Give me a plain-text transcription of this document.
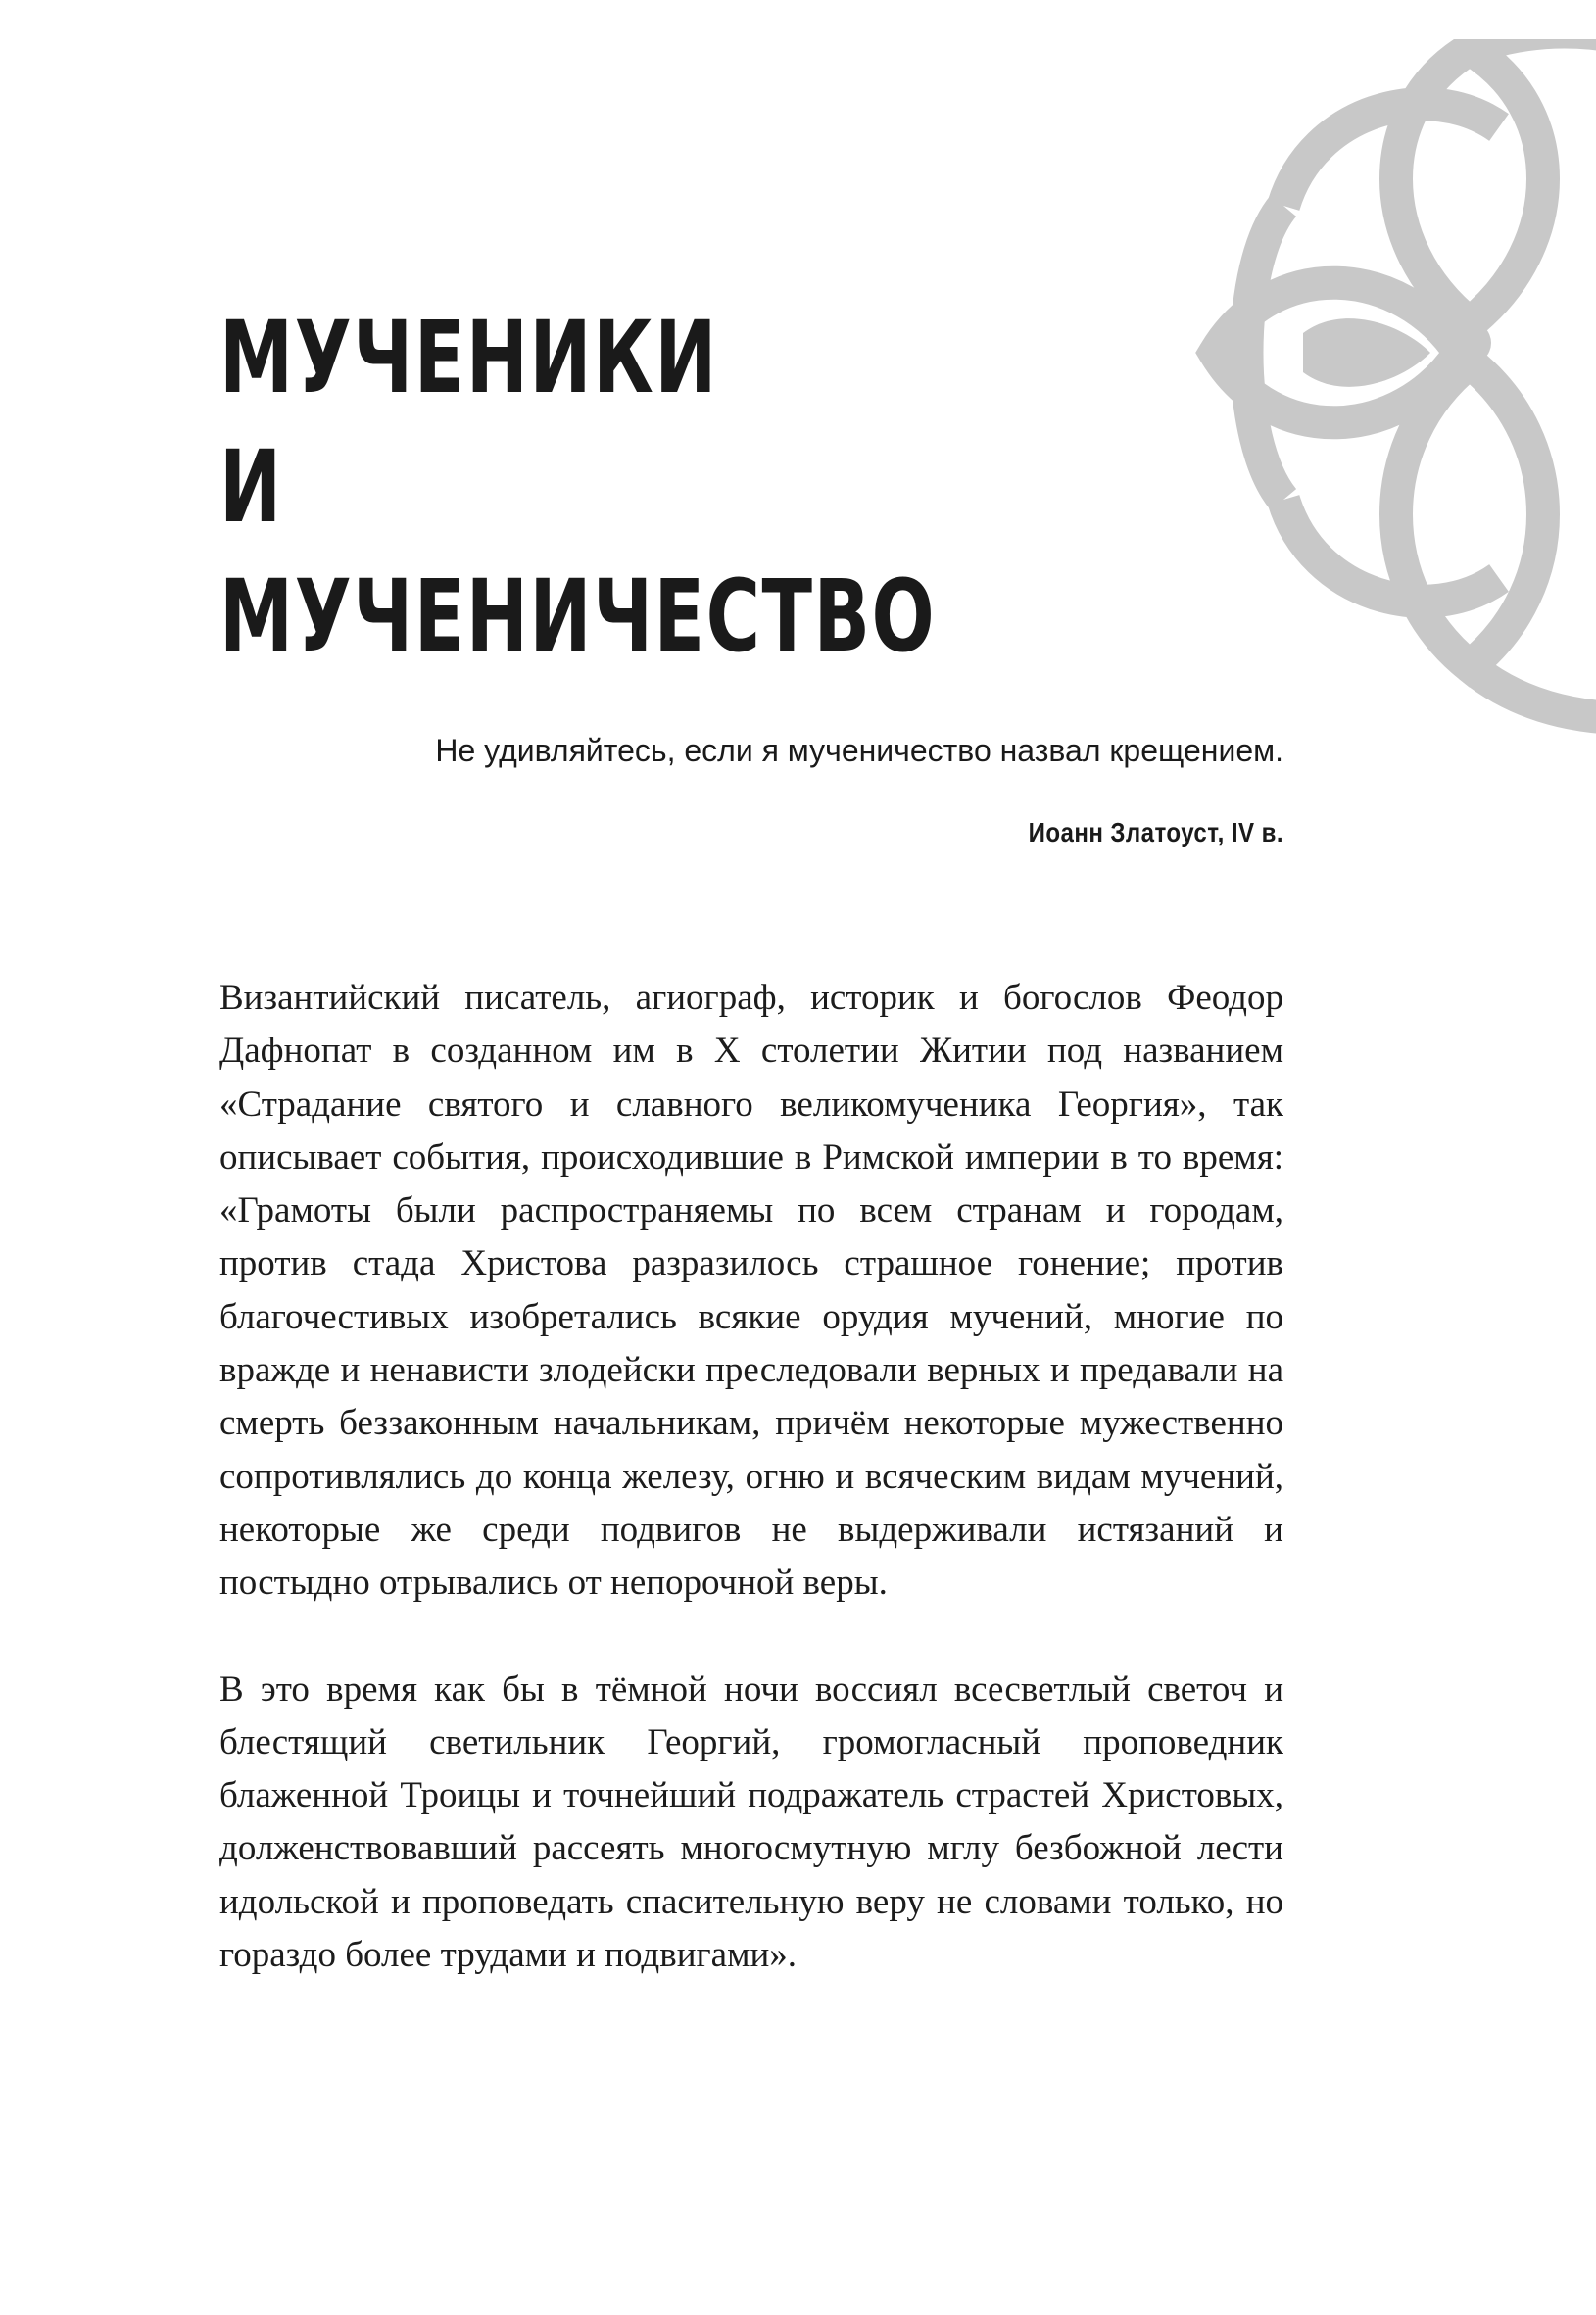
МУЧЕНИКИ
И МУЧЕНИЧЕСТВО
Не удивляйтесь, если я мученичество назвал крещением.
Иоанн Златоуст, IV в.

Византийский писатель, агиограф, историк и богослов Феодор Дафнопат в созданном им в X столетии Житии под названием «Страдание святого и славного великомученика Георгия», так описывает события, происходившие в Римской империи в то время: «Грамоты были распространяемы по всем странам и городам, против стада Христова разразилось страшное гонение; против благочестивых изобретались всякие орудия мучений, многие по вражде и ненависти злодейски преследовали верных и предавали на смерть беззаконным начальникам, причём некоторые мужественно сопротивлялись до конца железу, огню и всяческим видам мучений, некоторые же среди подвигов не выдерживали истязаний и постыдно отрывались от непорочной веры.

В это время как бы в тёмной ночи воссиял всесветлый светоч и блестящий светильник Георгий, громогласный проповедник блаженной Троицы и точнейший подражатель страстей Христовых, долженствовавший рассеять многосмутную мглу безбожной лести идольской и проповедать спасительную веру не словами только, но гораздо более трудами и подвигами».
